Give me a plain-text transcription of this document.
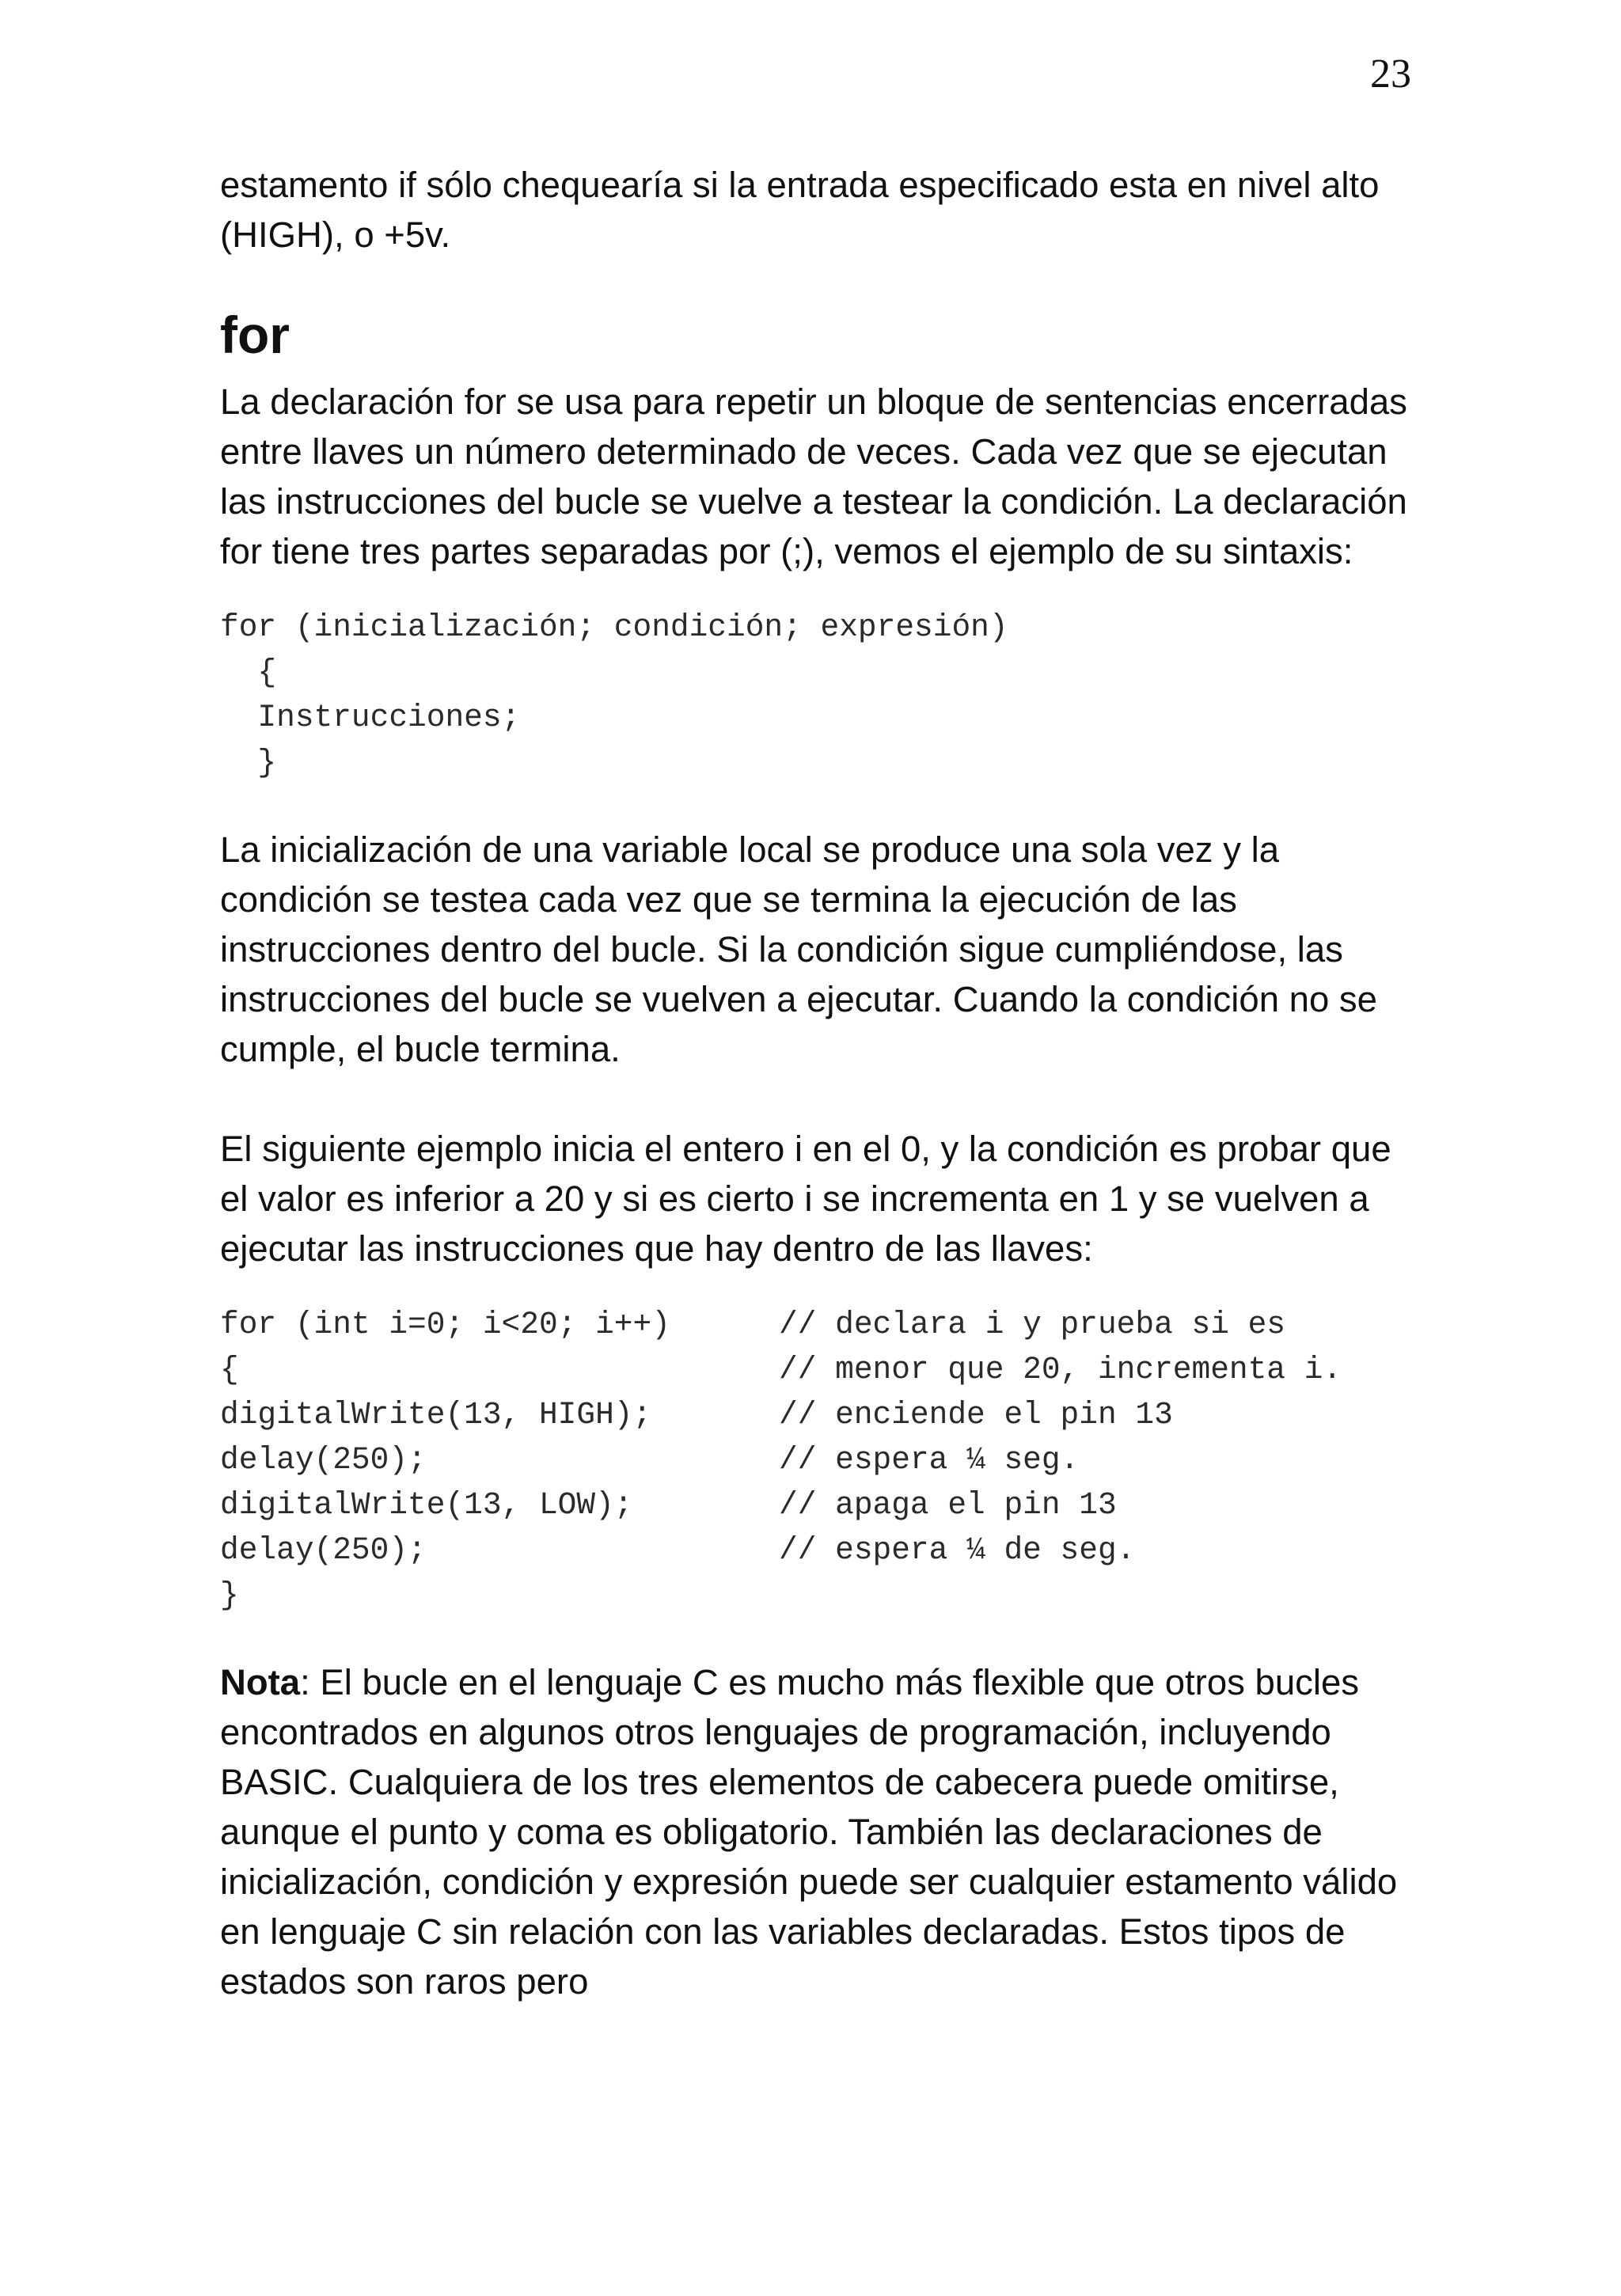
23

estamento if sólo chequearía si la entrada especificado esta en nivel alto (HIGH), o +5v.

for

La declaración for se usa para repetir un bloque de sentencias encerradas entre llaves un número determinado de veces. Cada vez que se ejecutan las instrucciones del bucle se vuelve a testear la condición. La declaración for tiene tres partes separadas por (;), vemos el ejemplo de su sintaxis:

for (inicialización; condición; expresión)
{
Instrucciones;
}

La inicialización de una variable local se produce una sola vez y la condición se testea cada vez que se termina la ejecución de las instrucciones dentro del bucle. Si la condición sigue cumpliéndose, las instrucciones del bucle se vuelven a ejecutar. Cuando la condición no se cumple, el bucle termina.

El siguiente ejemplo inicia el entero i en el 0, y la condición es probar que el valor es inferior a 20 y si es cierto i se incrementa en 1 y se vuelven a ejecutar las instrucciones que hay dentro de las llaves:

for (int i=0; i<20; i++)	// declara i y prueba si es
{	// menor que 20, incrementa i.
digitalWrite(13, HIGH);	// enciende el pin 13
delay(250);	// espera ¼ seg.
digitalWrite(13, LOW);	// apaga el pin 13
delay(250);	// espera ¼ de seg.
}

Nota: El bucle en el lenguaje C es mucho más flexible que otros bucles encontrados en algunos otros lenguajes de programación, incluyendo BASIC. Cualquiera de los tres elementos de cabecera puede omitirse, aunque el punto y coma es obligatorio. También las declaraciones de inicialización, condición y expresión puede ser cualquier estamento válido en lenguaje C sin relación con las variables declaradas. Estos tipos de estados son raros pero
